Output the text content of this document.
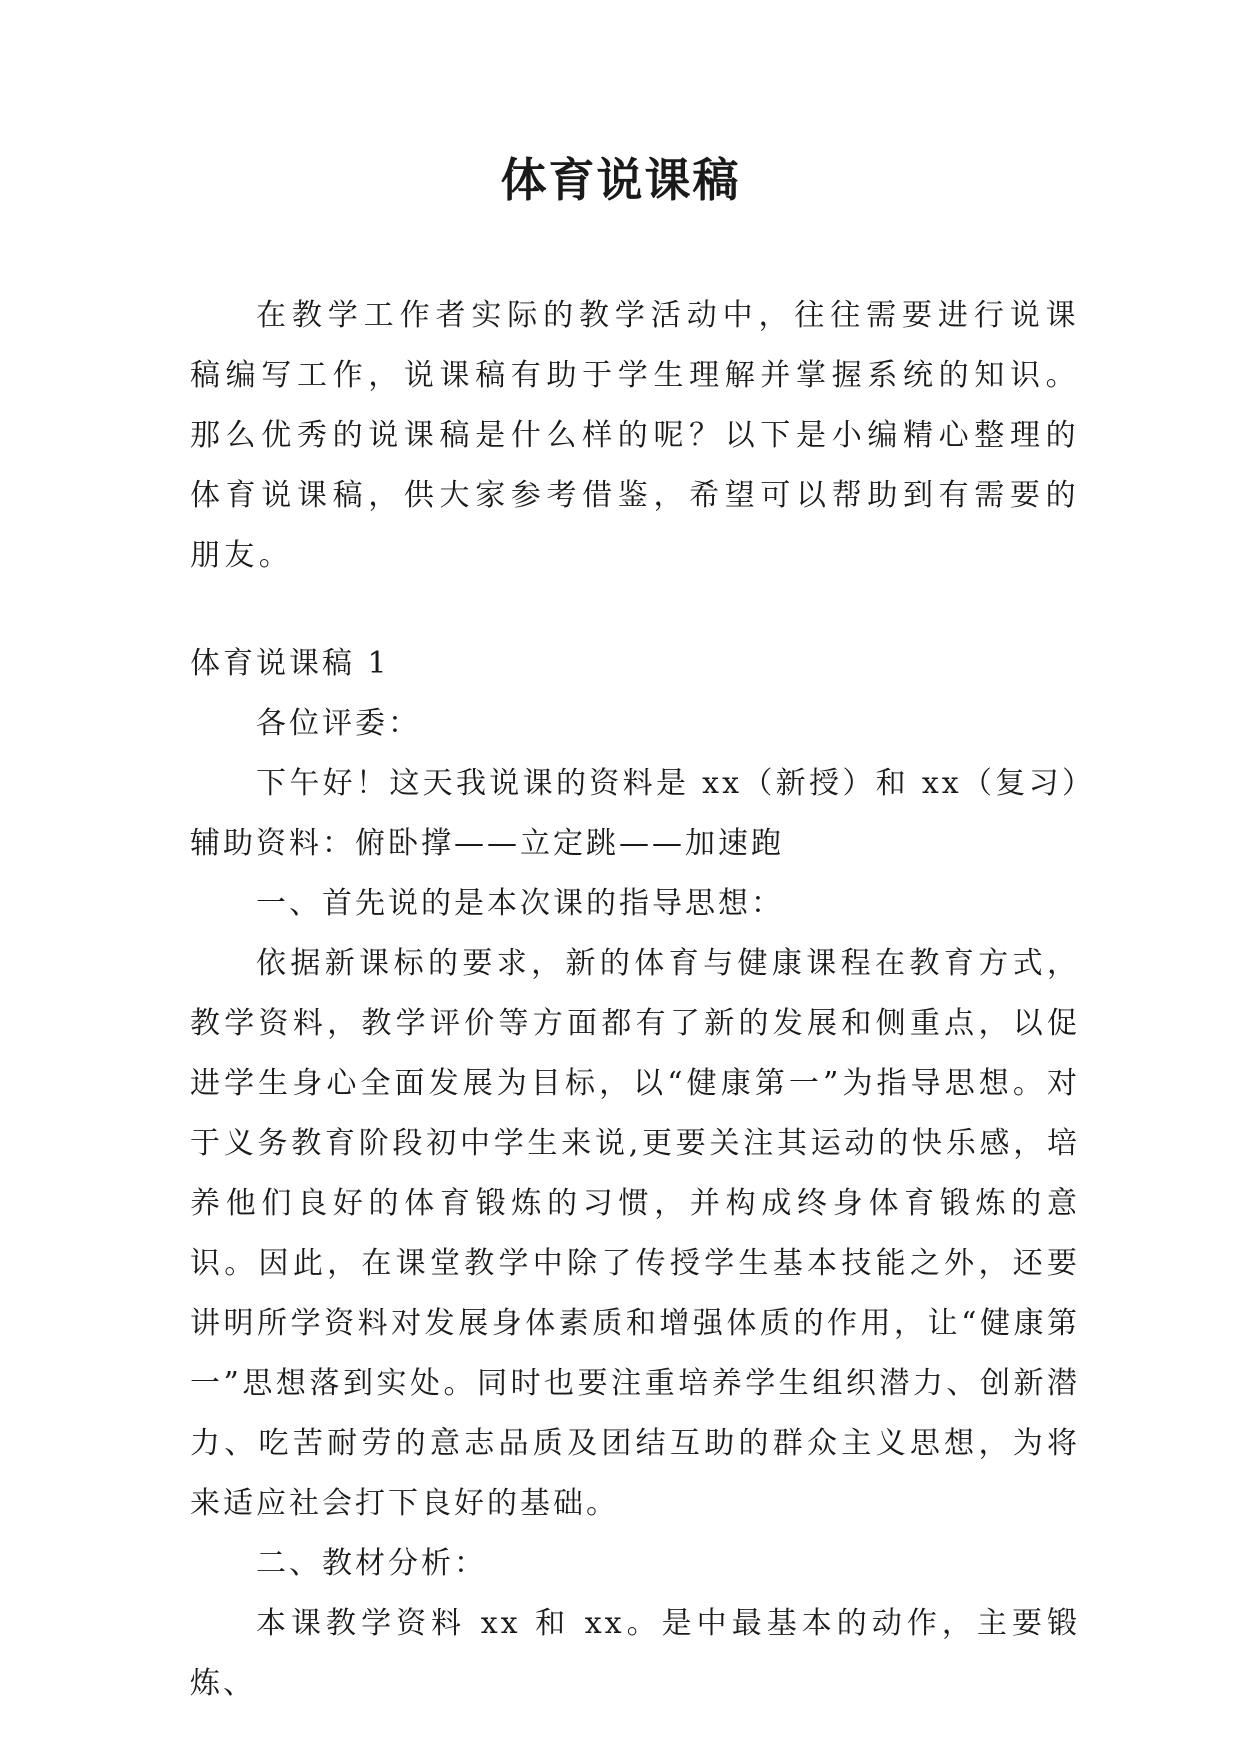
体育说课稿

在教学工作者实际的教学活动中，往往需要进行说课稿编写工作，说课稿有助于学生理解并掌握系统的知识。那么优秀的说课稿是什么样的呢？以下是小编精心整理的体育说课稿，供大家参考借鉴，希望可以帮助到有需要的朋友。

体育说课稿 1

各位评委：

下午好！这天我说课的资料是 xx（新授）和 xx（复习）辅助资料：俯卧撑——立定跳——加速跑

一、首先说的是本次课的指导思想：

依据新课标的要求，新的体育与健康课程在教育方式，教学资料，教学评价等方面都有了新的发展和侧重点，以促进学生身心全面发展为目标，以“健康第一”为指导思想。对于义务教育阶段初中学生来说,更要关注其运动的快乐感，培养他们良好的体育锻炼的习惯，并构成终身体育锻炼的意识。因此，在课堂教学中除了传授学生基本技能之外，还要讲明所学资料对发展身体素质和增强体质的作用，让“健康第一”思想落到实处。同时也要注重培养学生组织潜力、创新潜力、吃苦耐劳的意志品质及团结互助的群众主义思想，为将来适应社会打下良好的基础。

二、教材分析：

本课教学资料 xx 和 xx。是中最基本的动作，主要锻炼、
